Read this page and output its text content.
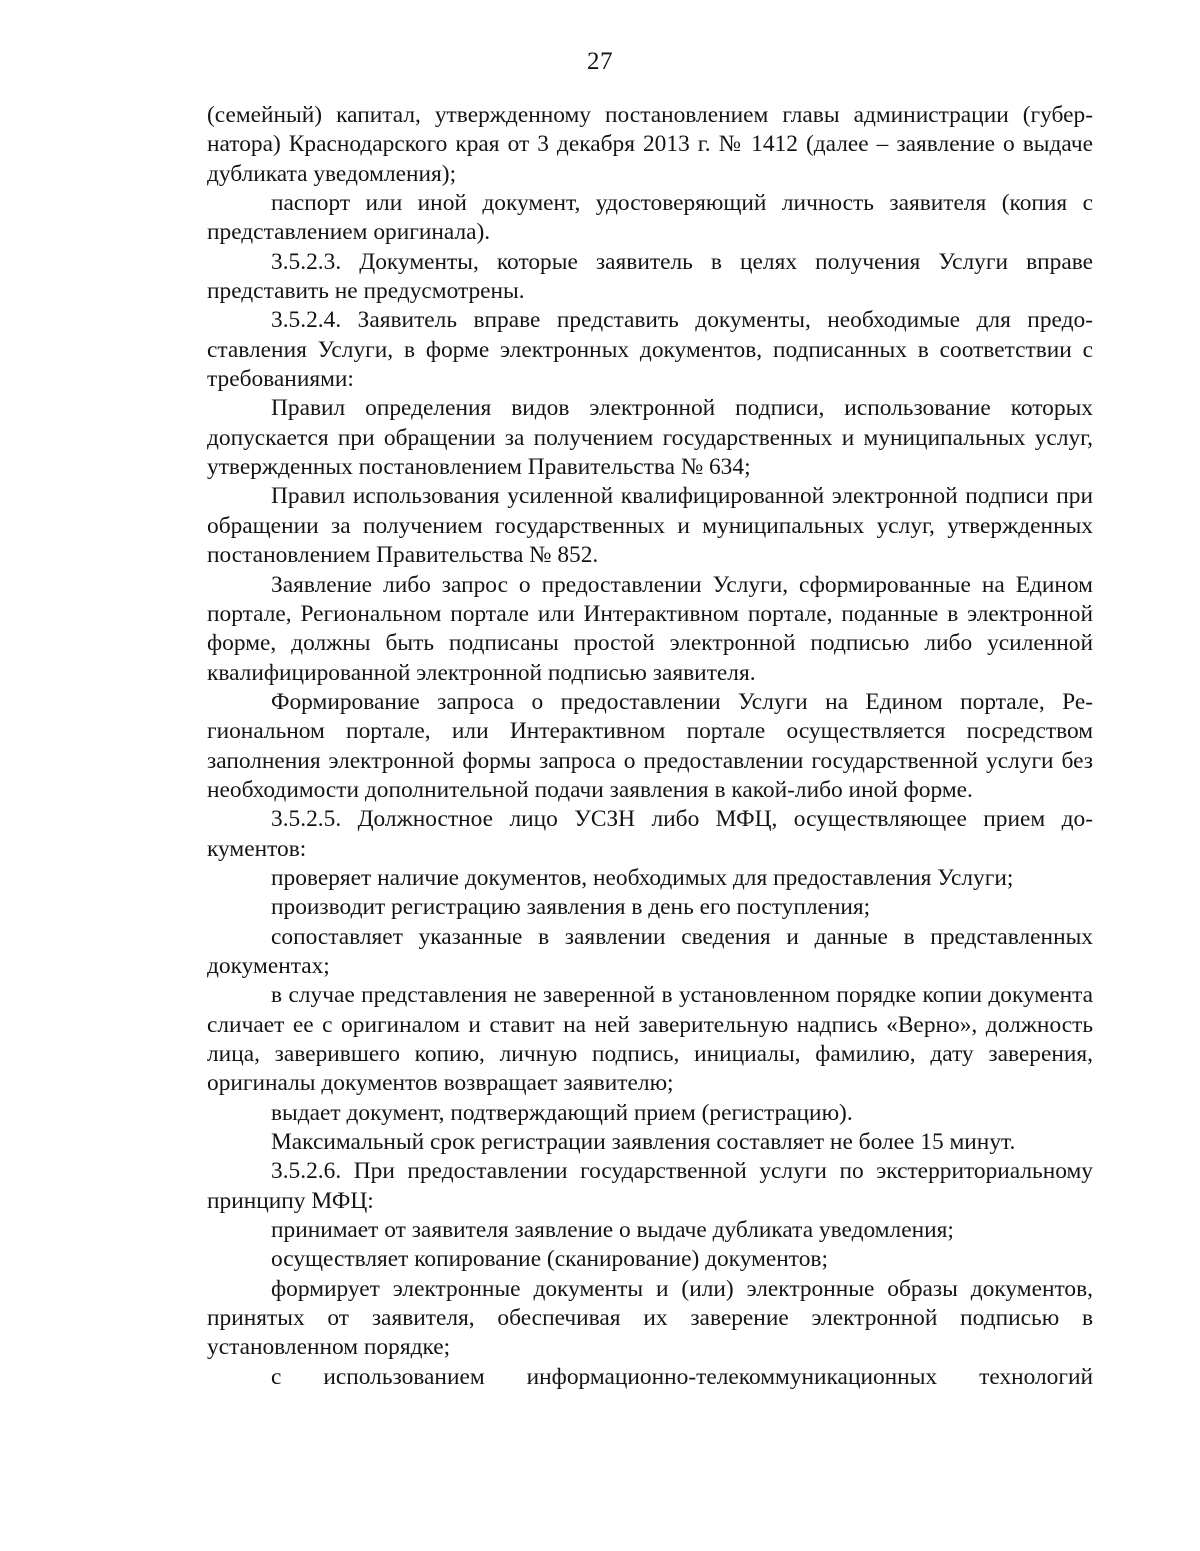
27

(семейный) капитал, утвержденному постановлением главы администрации (губернатора) Краснодарского края от 3 декабря 2013 г. № 1412 (далее – заявление о выдаче дубликата уведомления);

паспорт или иной документ, удостоверяющий личность заявителя (копия с представлением оригинала).

3.5.2.3. Документы, которые заявитель в целях получения Услуги вправе представить не предусмотрены.

3.5.2.4. Заявитель вправе представить документы, необходимые для предоставления Услуги, в форме электронных документов, подписанных в соответствии с требованиями:

Правил определения видов электронной подписи, использование которых допускается при обращении за получением государственных и муниципальных услуг, утвержденных постановлением Правительства № 634;

Правил использования усиленной квалифицированной электронной подписи при обращении за получением государственных и муниципальных услуг, утвержденных постановлением Правительства № 852.

Заявление либо запрос о предоставлении Услуги, сформированные на Едином портале, Региональном портале или Интерактивном портале, поданные в электронной форме, должны быть подписаны простой электронной подписью либо усиленной квалифицированной электронной подписью заявителя.

Формирование запроса о предоставлении Услуги на Едином портале, Региональном портале, или Интерактивном портале осуществляется посредством заполнения электронной формы запроса о предоставлении государственной услуги без необходимости дополнительной подачи заявления в какой-либо иной форме.

3.5.2.5. Должностное лицо УСЗН либо МФЦ, осуществляющее прием документов:

проверяет наличие документов, необходимых для предоставления Услуги;

производит регистрацию заявления в день его поступления;

сопоставляет указанные в заявлении сведения и данные в представленных документах;

в случае представления не заверенной в установленном порядке копии документа сличает ее с оригиналом и ставит на ней заверительную надпись «Верно», должность лица, заверившего копию, личную подпись, инициалы, фамилию, дату заверения, оригиналы документов возвращает заявителю;

выдает документ, подтверждающий прием (регистрацию).

Максимальный срок регистрации заявления составляет не более 15 минут.

3.5.2.6. При предоставлении государственной услуги по экстерриториальному принципу МФЦ:

принимает от заявителя заявление о выдаче дубликата уведомления;

осуществляет копирование (сканирование) документов;

формирует электронные документы и (или) электронные образы документов, принятых от заявителя, обеспечивая их заверение электронной подписью в установленном порядке;

с использованием информационно-телекоммуникационных технологий
